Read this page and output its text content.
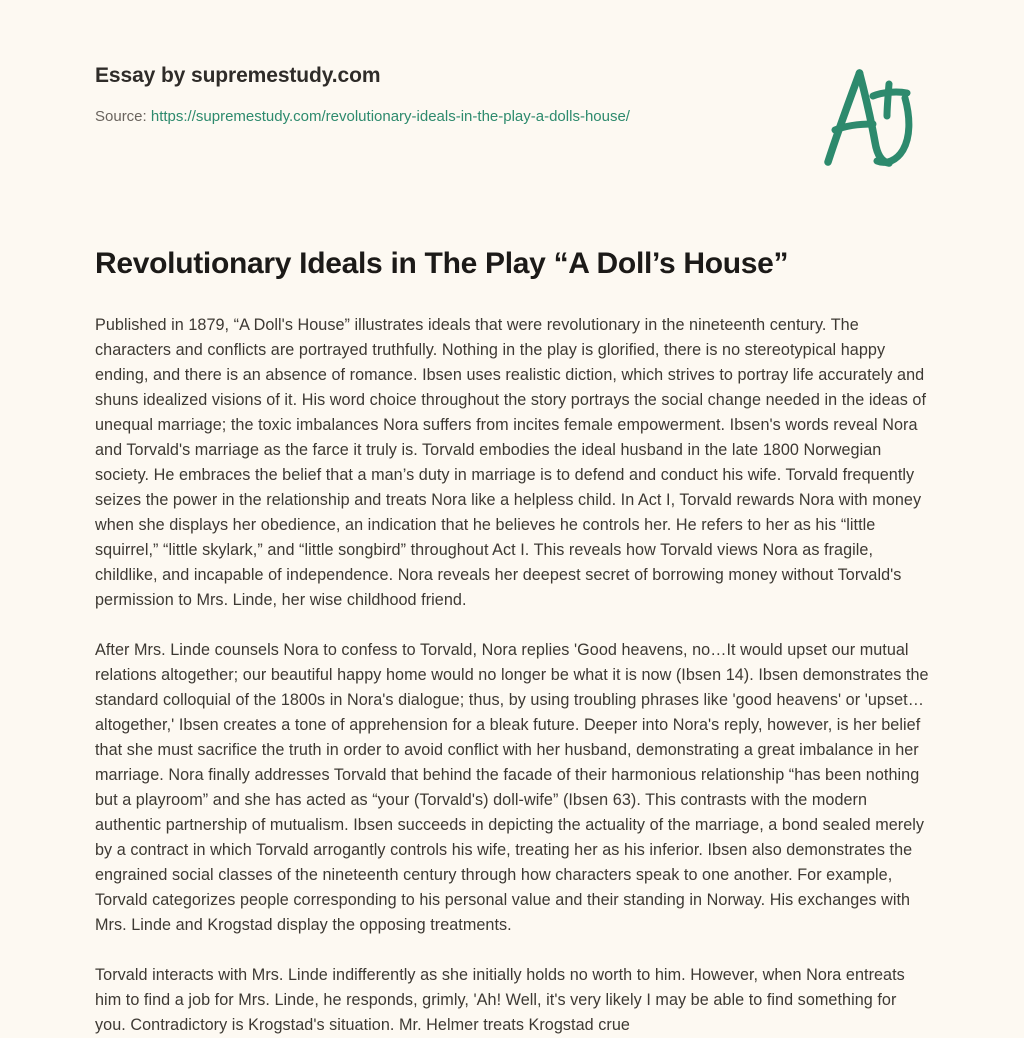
Essay by supremestudy.com
Source: https://supremestudy.com/revolutionary-ideals-in-the-play-a-dolls-house/
Revolutionary Ideals in The Play “A Doll’s House”

Published in 1879, “A Doll's House” illustrates ideals that were revolutionary in the nineteenth century. The characters and conflicts are portrayed truthfully. Nothing in the play is glorified, there is no stereotypical happy ending, and there is an absence of romance. Ibsen uses realistic diction, which strives to portray life accurately and shuns idealized visions of it. His word choice throughout the story portrays the social change needed in the ideas of unequal marriage; the toxic imbalances Nora suffers from incites female empowerment. Ibsen's words reveal Nora and Torvald's marriage as the farce it truly is. Torvald embodies the ideal husband in the late 1800 Norwegian society. He embraces the belief that a man’s duty in marriage is to defend and conduct his wife. Torvald frequently seizes the power in the relationship and treats Nora like a helpless child. In Act I, Torvald rewards Nora with money when she displays her obedience, an indication that he believes he controls her. He refers to her as his “little squirrel,” “little skylark,” and “little songbird” throughout Act I. This reveals how Torvald views Nora as fragile, childlike, and incapable of independence. Nora reveals her deepest secret of borrowing money without Torvald's permission to Mrs. Linde, her wise childhood friend.

After Mrs. Linde counsels Nora to confess to Torvald, Nora replies 'Good heavens, no…It would upset our mutual relations altogether; our beautiful happy home would no longer be what it is now (Ibsen 14). Ibsen demonstrates the standard colloquial of the 1800s in Nora's dialogue; thus, by using troubling phrases like 'good heavens' or 'upset…altogether,' Ibsen creates a tone of apprehension for a bleak future. Deeper into Nora's reply, however, is her belief that she must sacrifice the truth in order to avoid conflict with her husband, demonstrating a great imbalance in her marriage. Nora finally addresses Torvald that behind the facade of their harmonious relationship “has been nothing but a playroom” and she has acted as “your (Torvald's) doll-wife” (Ibsen 63). This contrasts with the modern authentic partnership of mutualism. Ibsen succeeds in depicting the actuality of the marriage, a bond sealed merely by a contract in which Torvald arrogantly controls his wife, treating her as his inferior. Ibsen also demonstrates the engrained social classes of the nineteenth century through how characters speak to one another. For example, Torvald categorizes people corresponding to his personal value and their standing in Norway. His exchanges with Mrs. Linde and Krogstad display the opposing treatments.

Torvald interacts with Mrs. Linde indifferently as she initially holds no worth to him. However, when Nora entreats him to find a job for Mrs. Linde, he responds, grimly, 'Ah! Well, it's very likely I may be able to find something for you. Contradictory is Krogstad's situation. Mr. Helmer treats Krogstad crue
